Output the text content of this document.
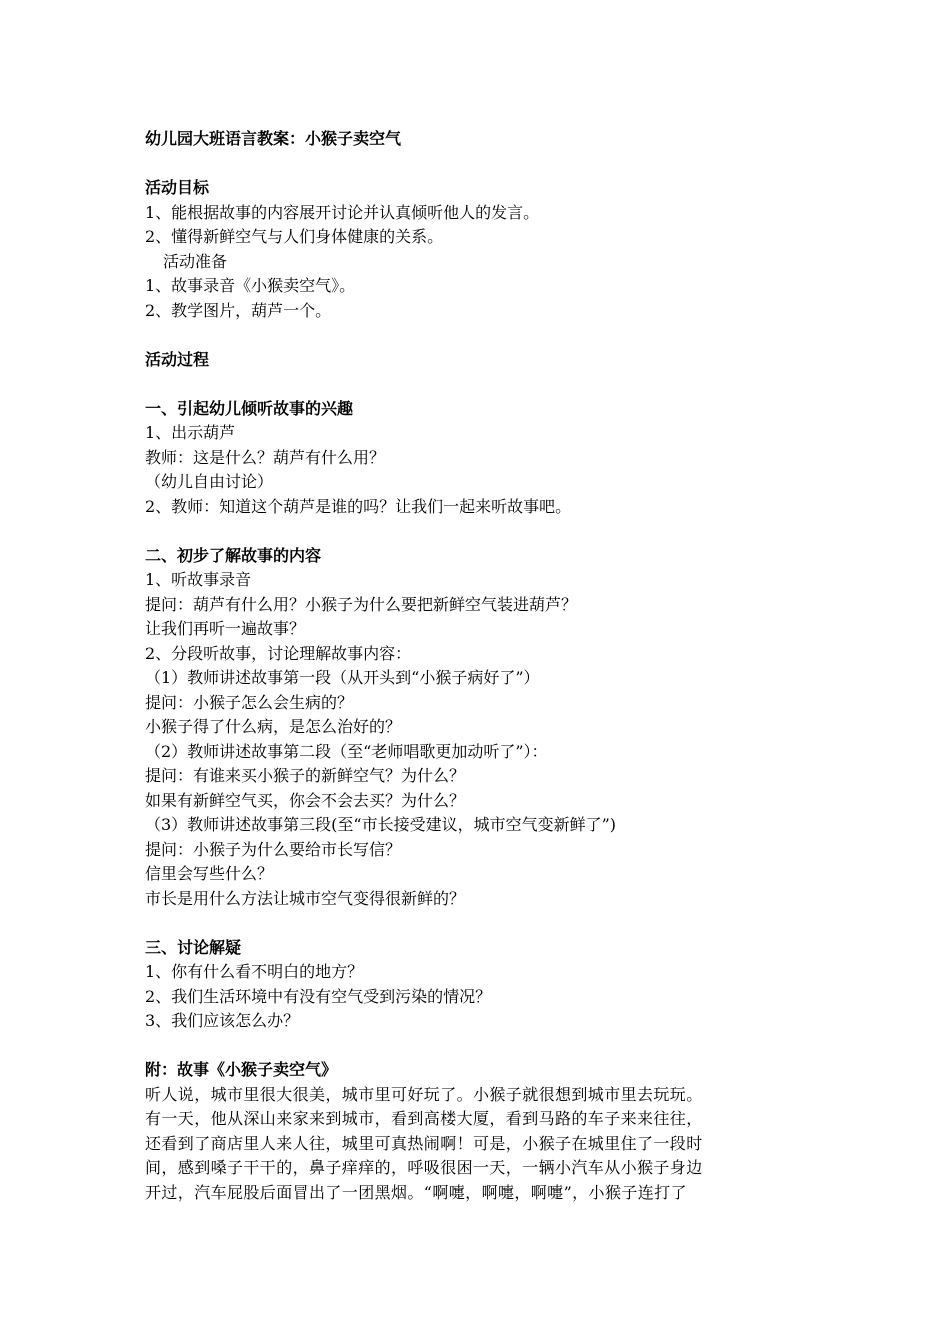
幼儿园大班语言教案：小猴子卖空气
活动目标
1、能根据故事的内容展开讨论并认真倾听他人的发言。
2、懂得新鲜空气与人们身体健康的关系。
活动准备
1、故事录音《小猴卖空气》。
2、教学图片，葫芦一个。
活动过程
一、引起幼儿倾听故事的兴趣
1、出示葫芦
教师：这是什么？葫芦有什么用？
（幼儿自由讨论）
2、教师：知道这个葫芦是谁的吗？让我们一起来听故事吧。
二、初步了解故事的内容
1、听故事录音
提问：葫芦有什么用？小猴子为什么要把新鲜空气装进葫芦？
让我们再听一遍故事？
2、分段听故事，讨论理解故事内容：
（1）教师讲述故事第一段（从开头到“小猴子病好了”）
提问：小猴子怎么会生病的？
小猴子得了什么病，是怎么治好的？
（2）教师讲述故事第二段（至“老师唱歌更加动听了”）：
提问：有谁来买小猴子的新鲜空气？为什么？
如果有新鲜空气买，你会不会去买？为什么？
（3）教师讲述故事第三段(至“市长接受建议，城市空气变新鲜了”)
提问：小猴子为什么要给市长写信？
信里会写些什么？
市长是用什么方法让城市空气变得很新鲜的？
三、讨论解疑
1、你有什么看不明白的地方？
2、我们生活环境中有没有空气受到污染的情况？
3、我们应该怎么办？
附：故事《小猴子卖空气》
听人说，城市里很大很美，城市里可好玩了。小猴子就很想到城市里去玩玩。
有一天，他从深山来家来到城市，看到高楼大厦，看到马路的车子来来往往，
还看到了商店里人来人往，城里可真热闹啊！可是，小猴子在城里住了一段时
间，感到嗓子干干的，鼻子痒痒的，呼吸很困一天，一辆小汽车从小猴子身边
开过，汽车屁股后面冒出了一团黑烟。“啊嚏，啊嚏，啊嚏”，小猴子连打了
